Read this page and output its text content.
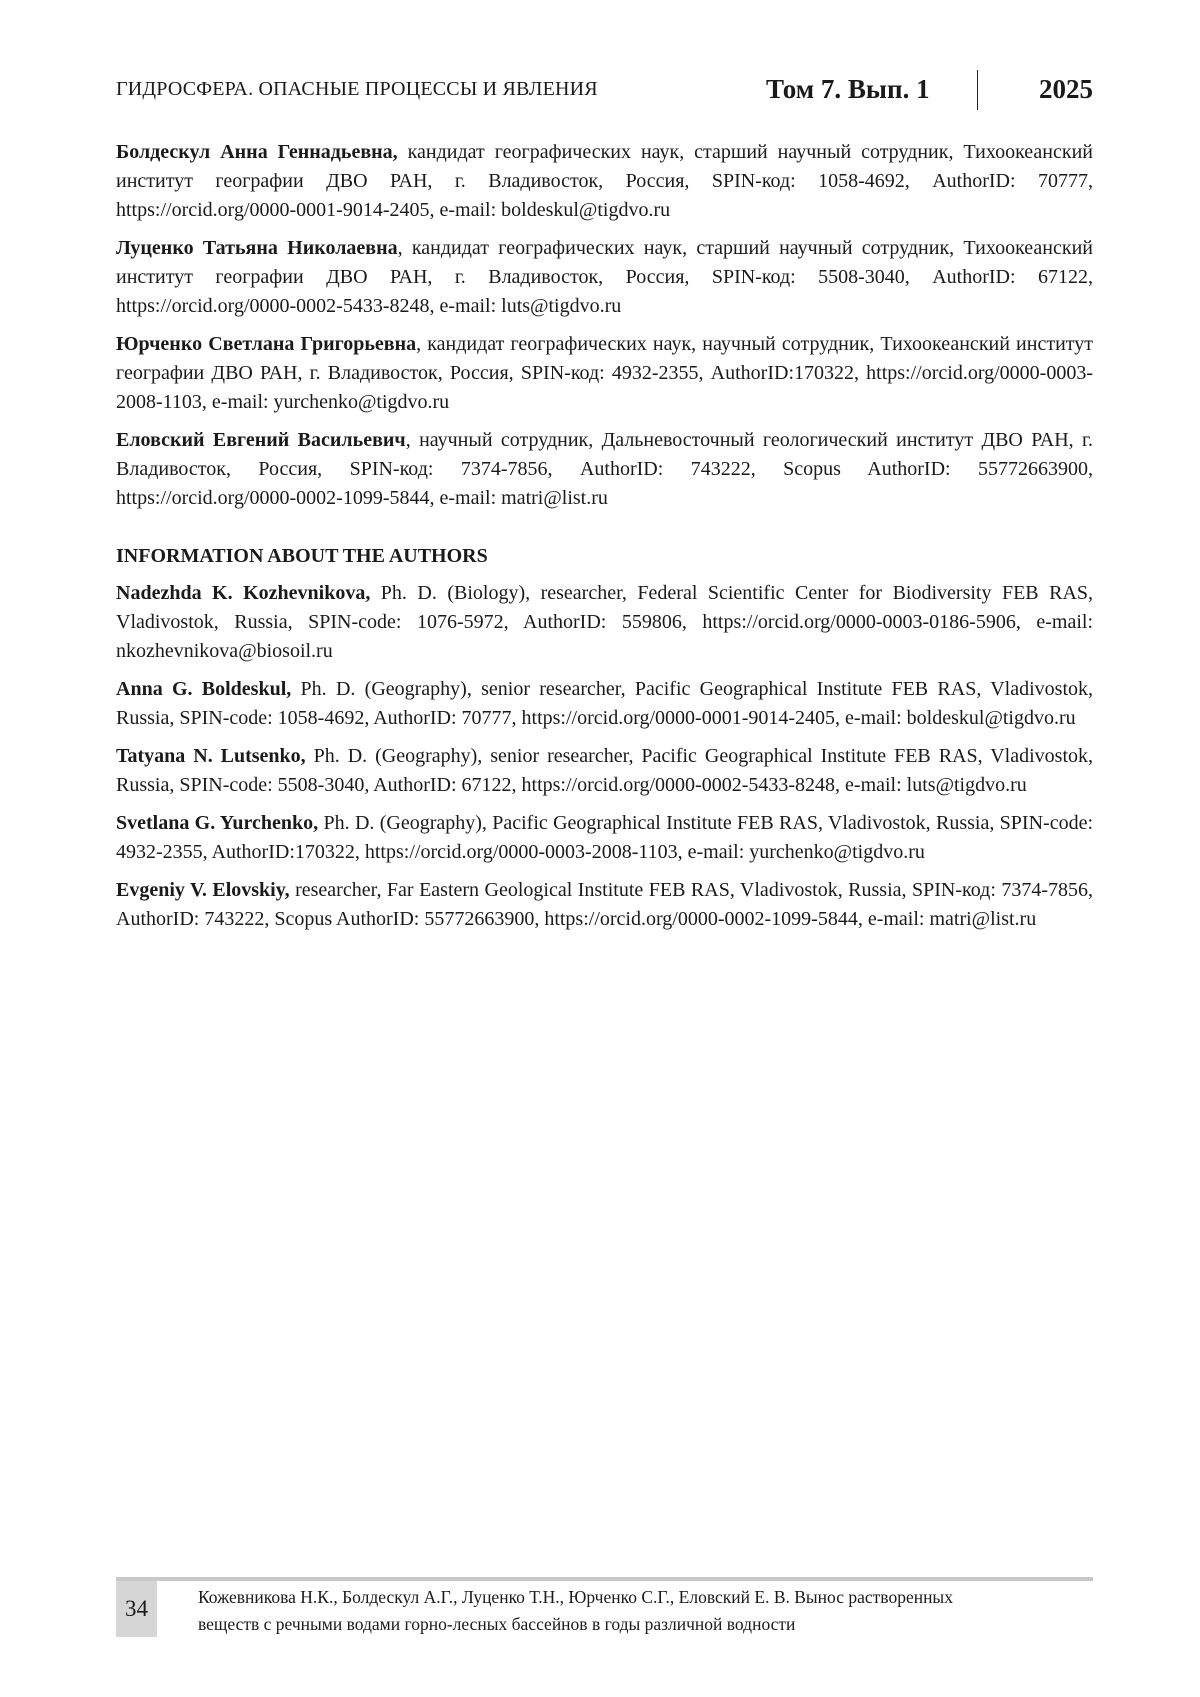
ГИДРОСФЕРА. ОПАСНЫЕ ПРОЦЕССЫ И ЯВЛЕНИЯ	Том 7. Вып. 1	2025

Болдескул Анна Геннадьевна, кандидат географических наук, старший научный сотрудник, Тихоокеанский институт географии ДВО РАН, г. Владивосток, Россия, SPIN-код: 1058-4692, AuthorID: 70777, https://orcid.org/0000-0001-9014-2405, e-mail: boldeskul@tigdvo.ru

Луценко Татьяна Николаевна, кандидат географических наук, старший научный сотрудник, Тихоокеанский институт географии ДВО РАН, г. Владивосток, Россия, SPIN-код: 5508-3040, AuthorID: 67122, https://orcid.org/0000-0002-5433-8248, e-mail: luts@tigdvo.ru

Юрченко Светлана Григорьевна, кандидат географических наук, научный сотрудник, Тихоокеанский институт географии ДВО РАН, г. Владивосток, Россия, SPIN-код: 4932-2355, AuthorID:170322, https://orcid.org/0000-0003-2008-1103, e-mail: yurchenko@tigdvo.ru

Еловский Евгений Васильевич, научный сотрудник, Дальневосточный геологический институт ДВО РАН, г. Владивосток, Россия, SPIN-код: 7374-7856, AuthorID: 743222, Scopus AuthorID: 55772663900, https://orcid.org/0000-0002-1099-5844, e-mail: matri@list.ru

INFORMATION ABOUT THE AUTHORS

Nadezhda K. Kozhevnikova, Ph. D. (Biology), researcher, Federal Scientific Center for Biodiversity FEB RAS, Vladivostok, Russia, SPIN-code: 1076-5972, AuthorID: 559806, https://orcid.org/0000-0003-0186-5906, e-mail: nkozhevnikova@biosoil.ru

Anna G. Boldeskul, Ph. D. (Geography), senior researcher, Pacific Geographical Institute FEB RAS, Vladivostok, Russia, SPIN-code: 1058-4692, AuthorID: 70777, https://orcid.org/0000-0001-9014-2405, e-mail: boldeskul@tigdvo.ru

Tatyana N. Lutsenko, Ph. D. (Geography), senior researcher, Pacific Geographical Institute FEB RAS, Vladivostok, Russia, SPIN-code: 5508-3040, AuthorID: 67122, https://orcid.org/0000-0002-5433-8248, e-mail: luts@tigdvo.ru

Svetlana G. Yurchenko, Ph. D. (Geography), Pacific Geographical Institute FEB RAS, Vladivostok, Russia, SPIN-code: 4932-2355, AuthorID:170322, https://orcid.org/0000-0003-2008-1103, e-mail: yurchenko@tigdvo.ru

Evgeniy V. Elovskiy, researcher, Far Eastern Geological Institute FEB RAS, Vladivostok, Russia, SPIN-код: 7374-7856, AuthorID: 743222, Scopus AuthorID: 55772663900, https://orcid.org/0000-0002-1099-5844, e-mail: matri@list.ru

34	Кожевникова Н.К., Болдескул А.Г., Луценко Т.Н., Юрченко С.Г., Еловский Е. В. Вынос растворенных
веществ с речными водами горно-лесных бассейнов в годы различной водности
